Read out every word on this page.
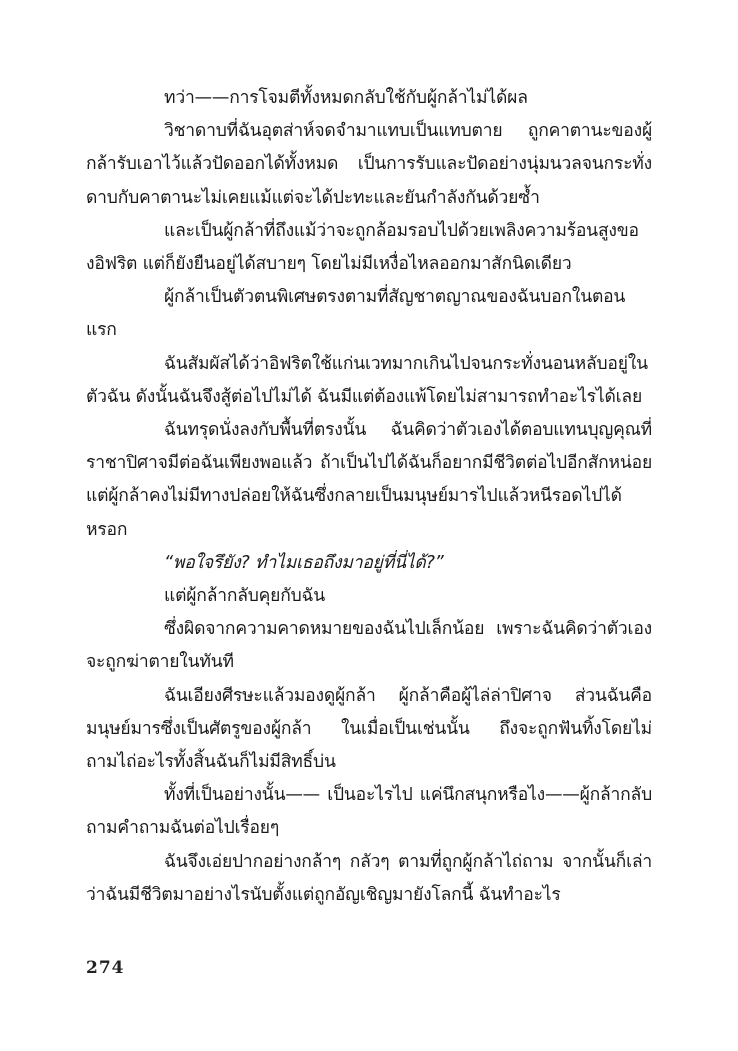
ทว่า——การโจมตีทั้งหมดกลับใช้กับผู้กล้าไม่ได้ผล

วิชาดาบที่ฉันอุตส่าห์จดจำมาแทบเป็นแทบตาย ถูกคาตานะของผู้กล้ารับเอาไว้แล้วปัดออกได้ทั้งหมด เป็นการรับและปัดอย่างนุ่มนวลจนกระทั่งดาบกับคาตานะไม่เคยแม้แต่จะได้ปะทะและยันกำลังกันด้วยซ้ำ

และเป็นผู้กล้าที่ถึงแม้ว่าจะถูกล้อมรอบไปด้วยเพลิงความร้อนสูงของอิฟริต แต่ก็ยังยืนอยู่ได้สบายๆ โดยไม่มีเหงื่อไหลออกมาสักนิดเดียว

ผู้กล้าเป็นตัวตนพิเศษตรงตามที่สัญชาตญาณของฉันบอกในตอนแรก

ฉันสัมผัสได้ว่าอิฟริตใช้แก่นเวทมากเกินไปจนกระทั่งนอนหลับอยู่ในตัวฉัน ดังนั้นฉันจึงสู้ต่อไปไม่ได้ ฉันมีแต่ต้องแพ้โดยไม่สามารถทำอะไรได้เลย

ฉันทรุดนั่งลงกับพื้นที่ตรงนั้น ฉันคิดว่าตัวเองได้ตอบแทนบุญคุณที่ราชาปิศาจมีต่อฉันเพียงพอแล้ว ถ้าเป็นไปได้ฉันก็อยากมีชีวิตต่อไปอีกสักหน่อย แต่ผู้กล้าคงไม่มีทางปล่อยให้ฉันซึ่งกลายเป็นมนุษย์มารไปแล้วหนีรอดไปได้หรอก

“พอใจรึยัง? ทำไมเธอถึงมาอยู่ที่นี่ได้?”

แต่ผู้กล้ากลับคุยกับฉัน

ซึ่งผิดจากความคาดหมายของฉันไปเล็กน้อย เพราะฉันคิดว่าตัวเองจะถูกฆ่าตายในทันที

ฉันเอียงศีรษะแล้วมองดูผู้กล้า ผู้กล้าคือผู้ไล่ล่าปิศาจ ส่วนฉันคือมนุษย์มารซึ่งเป็นศัตรูของผู้กล้า ในเมื่อเป็นเช่นนั้น ถึงจะถูกฟันทิ้งโดยไม่ถามไถ่อะไรทั้งสิ้นฉันก็ไม่มีสิทธิ์บ่น

ทั้งที่เป็นอย่างนั้น—— เป็นอะไรไป แค่นึกสนุกหรือไง——ผู้กล้ากลับถามคำถามฉันต่อไปเรื่อยๆ

ฉันจึงเอ่ยปากอย่างกล้าๆ กลัวๆ ตามที่ถูกผู้กล้าไถ่ถาม จากนั้นก็เล่าว่าฉันมีชีวิตมาอย่างไรนับตั้งแต่ถูกอัญเชิญมายังโลกนี้ ฉันทำอะไร

274
